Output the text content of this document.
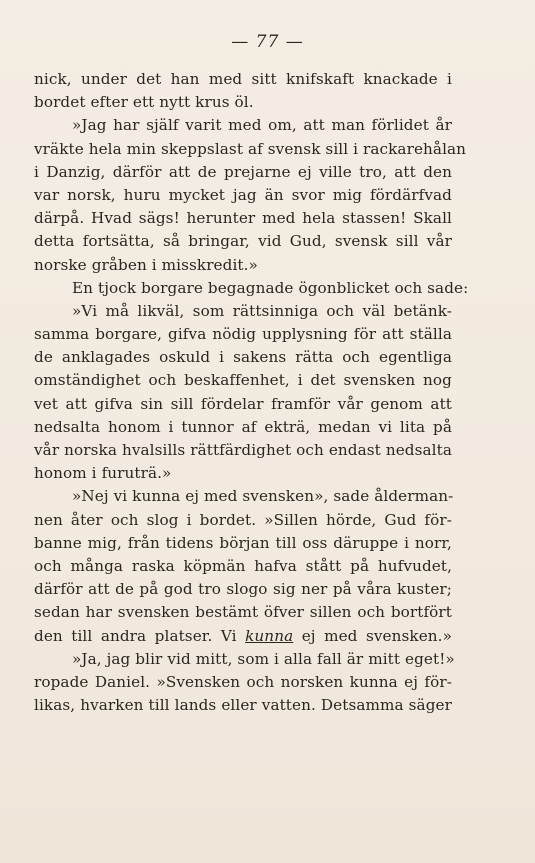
— 77 —
nick, under det han med sitt knifskaft knackade i
bordet efter ett nytt krus öl.
»Jag har själf varit med om, att man förlidet år
vräkte hela min skeppslast af svensk sill i rackarehålan
i Danzig, därför att de prejarne ej ville tro, att den
var norsk, huru mycket jag än svor mig fördärfvad
därpå. Hvad sägs! herunter med hela stassen! Skall
detta fortsätta, så bringar, vid Gud, svensk sill vår
norske gråben i misskredit.»
En tjock borgare begagnade ögonblicket och sade:
»Vi må likväl, som rättsinniga och väl betänk-
samma borgare, gifva nödig upplysning för att ställa
de anklagades oskuld i sakens rätta och egentliga
omständighet och beskaffenhet, i det svensken nog
vet att gifva sin sill fördelar framför vår genom att
nedsalta honom i tunnor af ekträ, medan vi lita på
vår norska hvalsills rättfärdighet och endast nedsalta
honom i furuträ.»
»Nej vi kunna ej med svensken», sade ålderman-
nen åter och slog i bordet. »Sillen hörde, Gud för-
banne mig, från tidens början till oss däruppe i norr,
och många raska köpmän hafva stått på hufvudet,
därför att de på god tro slogo sig ner på våra kuster;
sedan har svensken bestämt öfver sillen och bortfört
den till andra platser. Vi kunna ej med svensken.»
»Ja, jag blir vid mitt, som i alla fall är mitt eget!»
ropade Daniel. »Svensken och norsken kunna ej för-
likas, hvarken till lands eller vatten. Detsamma säger
